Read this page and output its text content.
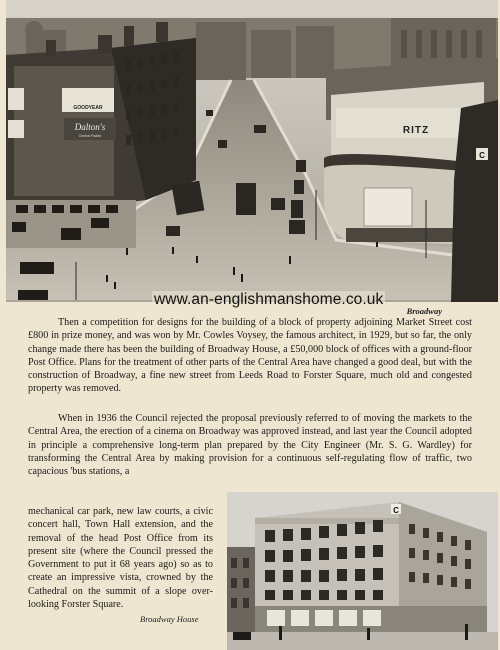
GOODYEAR
Dalton's
Central Flakes	RITZ
C
www.an-englishmanshome.co.uk
Broadway

Then a competition for designs for the building of a block of property adjoining Market Street cost £800 in prize money, and was won by Mr. Cowles Voysey, the famous architect, in 1929, but so far, the only change made there has been the building of Broadway House, a £50,000 block of offices with a ground-floor Post Office. Plans for the treatment of other parts of the Central Area have changed a good deal, but with the construction of Broadway, a fine new street from Leeds Road to Forster Square, much old and congested property was removed.

When in 1936 the Council rejected the proposal previously referred to of moving the markets to the Central Area, the erection of a cinema on Broadway was approved instead, and last year the Council adopted in principle a comprehensive long-term plan prepared by the City Engineer (Mr. S. G. Wardley) for transforming the Central Area by making provision for a continuous self-regulating flow of traffic, two capacious 'bus stations, a

mechanical car park, new law courts, a civic concert hall, Town Hall extension, and the removal of the head Post Office from its present site (where the Council pressed the Government to put it 68 years ago) so as to create an impressive vista, crowned by the Cathedral on the summit of a slope over-looking Forster Square.

Broadway House
C
